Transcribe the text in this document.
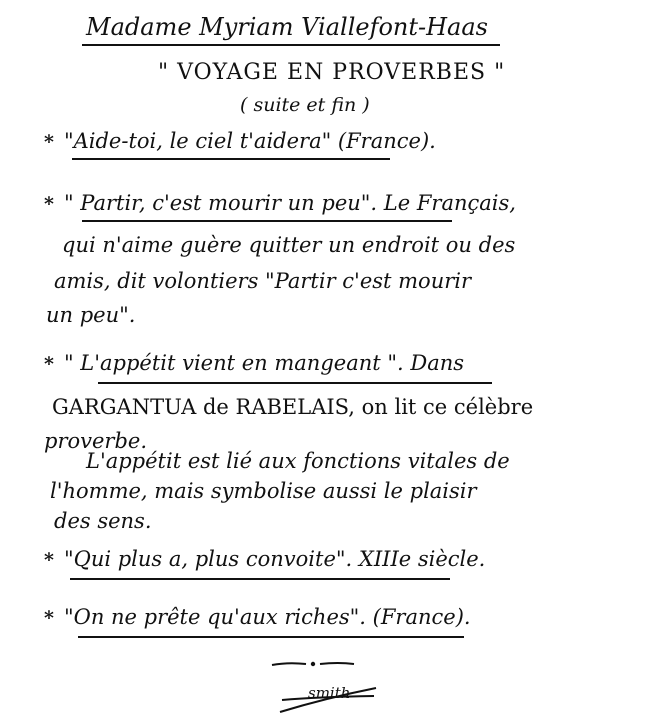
Madame Myriam Viallefont-Haas
" VOYAGE EN PROVERBES "
( suite et fin )
* "Aide-toi, le ciel t'aidera" (France).
* " Partir, c'est mourir un peu". Le Français,
qui n'aime guère quitter un endroit ou des
amis, dit volontiers "Partir c'est mourir
un peu".
* " L'appétit vient en mangeant ". Dans
GARGANTUA de RABELAIS, on lit ce célèbre
proverbe.
L'appétit est lié aux fonctions vitales de
l'homme, mais symbolise aussi le plaisir
des sens.
* "Qui plus a, plus convoite". XIIIe siècle.
* "On ne prête qu'aux riches". (France).
smith
